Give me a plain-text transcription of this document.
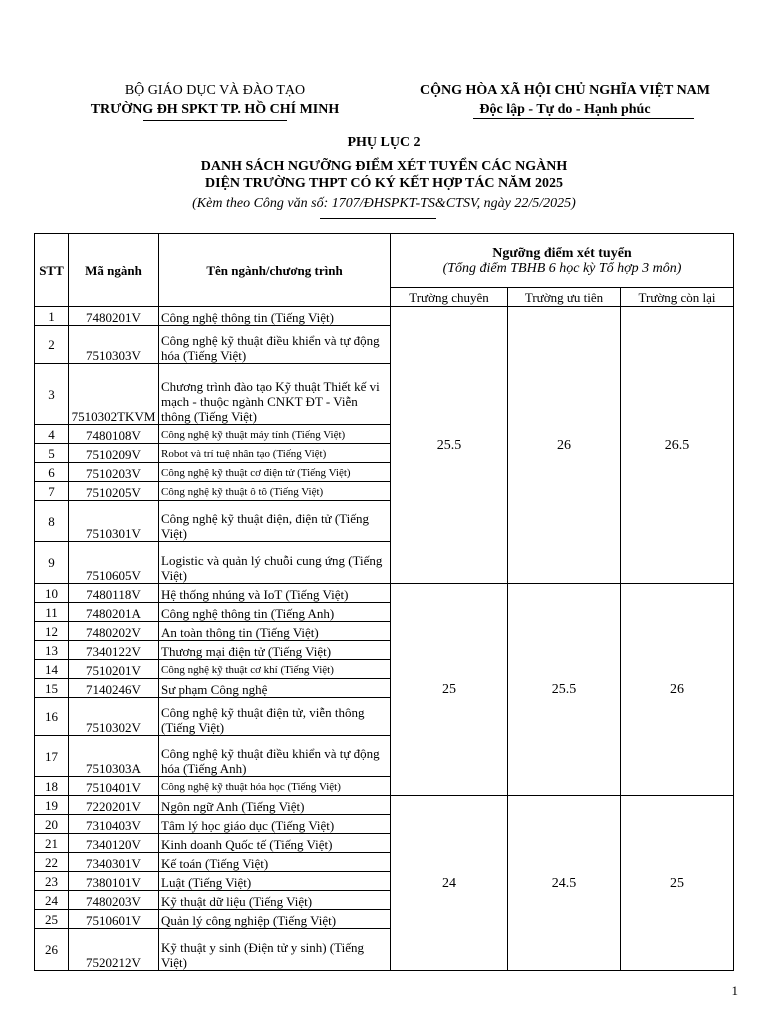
BỘ GIÁO DỤC VÀ ĐÀO TẠO
TRƯỜNG ĐH SPKT TP. HỒ CHÍ MINH
CỘNG HÒA XÃ HỘI CHỦ NGHĨA VIỆT NAM
Độc lập - Tự do - Hạnh phúc
PHỤ LỤC 2
DANH SÁCH NGƯỠNG ĐIỂM XÉT TUYỂN CÁC NGÀNH
DIỆN TRƯỜNG THPT CÓ KÝ KẾT HỢP TÁC NĂM 2025
(Kèm theo Công văn số: 1707/ĐHSPKT-TS&CTSV, ngày 22/5/2025)
STT	Mã ngành	Tên ngành/chương trình	Ngưỡng điểm xét tuyển
(Tổng điểm TBHB 6 học kỳ Tổ hợp 3 môn)		

			Trường chuyên	Trường ưu tiên	Trường còn lại
1	7480201V	Công nghệ thông tin (Tiếng Việt)	25.5	26	26.5
2	7510303V	Công nghệ kỹ thuật điều khiển và tự động hóa (Tiếng Việt)			
3	7510302TKVM	Chương trình đào tạo Kỹ thuật Thiết kế vi mạch - thuộc ngành CNKT ĐT - Viễn thông (Tiếng Việt)			
4	7480108V	Công nghệ kỹ thuật máy tính (Tiếng Việt)			
5	7510209V	Robot và trí tuệ nhân tạo (Tiếng Việt)			
6	7510203V	Công nghệ kỹ thuật cơ điện tử (Tiếng Việt)			
7	7510205V	Công nghệ kỹ thuật ô tô (Tiếng Việt)			
8	7510301V	Công nghệ kỹ thuật điện, điện tử (Tiếng Việt)			
9	7510605V	Logistic và quản lý chuỗi cung ứng (Tiếng Việt)			
10	7480118V	Hệ thống nhúng và IoT (Tiếng Việt)	25	25.5	26
11	7480201A	Công nghệ thông tin (Tiếng Anh)			
12	7480202V	An toàn thông tin (Tiếng Việt)			
13	7340122V	Thương mại điện tử (Tiếng Việt)			
14	7510201V	Công nghệ kỹ thuật cơ khí (Tiếng Việt)			
15	7140246V	Sư phạm Công nghệ			
16	7510302V	Công nghệ kỹ thuật điện tử, viễn thông (Tiếng Việt)			
17	7510303A	Công nghệ kỹ thuật điều khiển và tự động hóa (Tiếng Anh)			
18	7510401V	Công nghệ kỹ thuật hóa học (Tiếng Việt)			
19	7220201V	Ngôn ngữ Anh (Tiếng Việt)	24	24.5	25
20	7310403V	Tâm lý học giáo dục (Tiếng Việt)			
21	7340120V	Kinh doanh Quốc tế (Tiếng Việt)			
22	7340301V	Kế toán (Tiếng Việt)			
23	7380101V	Luật (Tiếng Việt)			
24	7480203V	Kỹ thuật dữ liệu (Tiếng Việt)			
25	7510601V	Quản lý công nghiệp (Tiếng Việt)			
26	7520212V	Kỹ thuật y sinh (Điện tử y sinh) (Tiếng Việt)			
1
